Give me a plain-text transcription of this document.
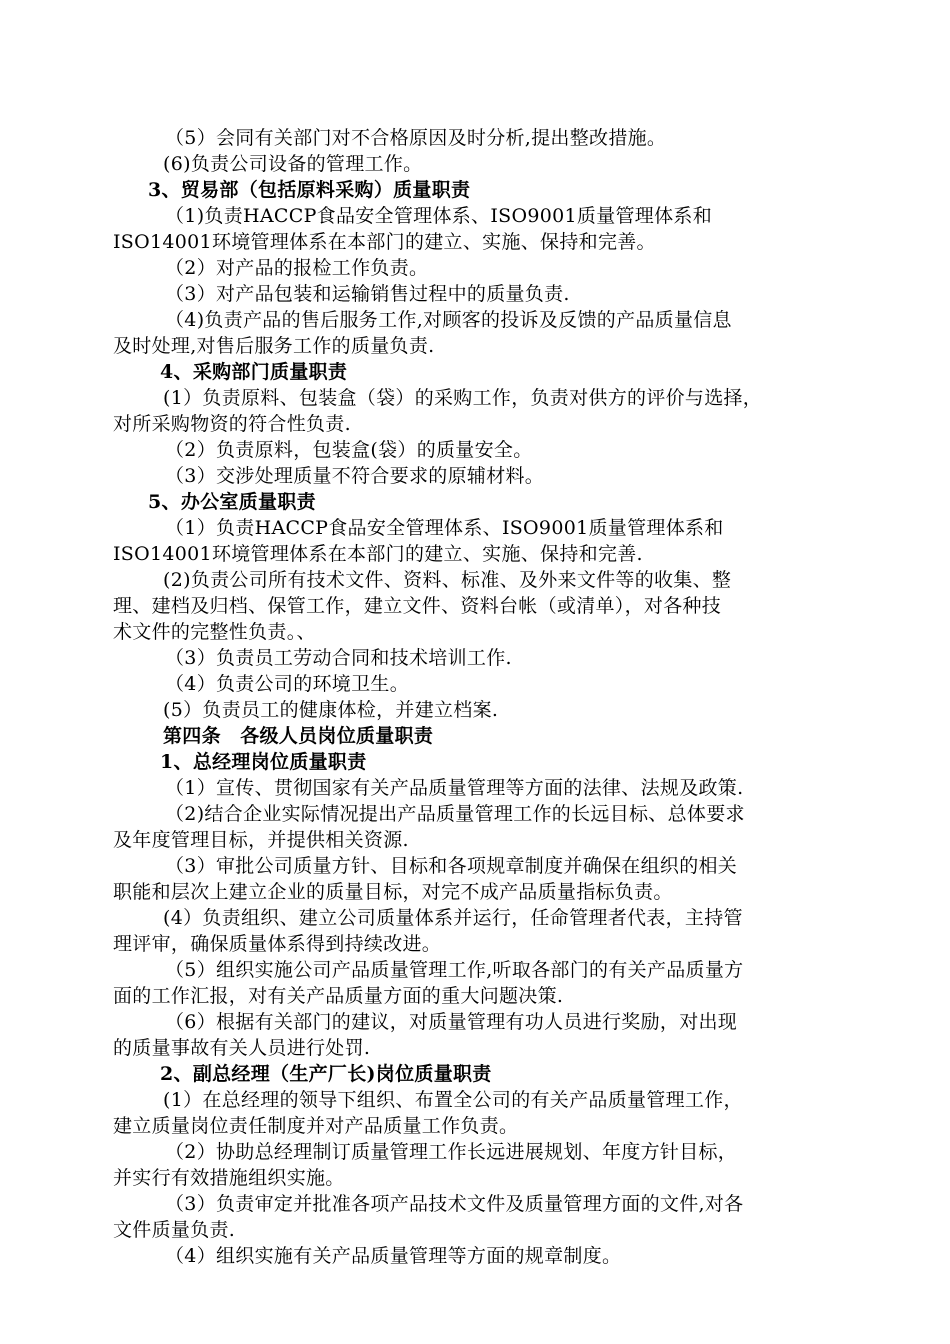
（5）会同有关部门对不合格原因及时分析,提出整改措施。
(6)负责公司设备的管理工作。
3、贸易部（包括原料采购）质量职责
（1)负责HACCP食品安全管理体系、ISO9001质量管理体系和
ISO14001环境管理体系在本部门的建立、实施、保持和完善。
（2）对产品的报检工作负责。
（3）对产品包装和运输销售过程中的质量负责.
（4)负责产品的售后服务工作,对顾客的投诉及反馈的产品质量信息
及时处理,对售后服务工作的质量负责.
4、采购部门质量职责
(1）负责原料、包装盒（袋）的采购工作，负责对供方的评价与选择，
对所采购物资的符合性负责.
（2）负责原料，包装盒(袋）的质量安全。
（3）交涉处理质量不符合要求的原辅材料。
5、办公室质量职责
（1）负责HACCP食品安全管理体系、ISO9001质量管理体系和
ISO14001环境管理体系在本部门的建立、实施、保持和完善.
(2)负责公司所有技术文件、资料、标准、及外来文件等的收集、整
理、建档及归档、保管工作，建立文件、资料台帐（或清单），对各种技
术文件的完整性负责。、
（3）负责员工劳动合同和技术培训工作.
（4）负责公司的环境卫生。
(5）负责员工的健康体检，并建立档案.
第四条　各级人员岗位质量职责
1、总经理岗位质量职责
（1）宣传、贯彻国家有关产品质量管理等方面的法律、法规及政策.
（2)结合企业实际情况提出产品质量管理工作的长远目标、总体要求
及年度管理目标，并提供相关资源.
（3）审批公司质量方针、目标和各项规章制度并确保在组织的相关
职能和层次上建立企业的质量目标，对完不成产品质量指标负责。
(4）负责组织、建立公司质量体系并运行，任命管理者代表，主持管
理评审，确保质量体系得到持续改进。
（5）组织实施公司产品质量管理工作,听取各部门的有关产品质量方
面的工作汇报，对有关产品质量方面的重大问题决策.
（6）根据有关部门的建议，对质量管理有功人员进行奖励，对出现
的质量事故有关人员进行处罚.
2、副总经理（生产厂长)岗位质量职责
(1）在总经理的领导下组织、布置全公司的有关产品质量管理工作，
建立质量岗位责任制度并对产品质量工作负责。
（2）协助总经理制订质量管理工作长远进展规划、年度方针目标，
并实行有效措施组织实施。
（3）负责审定并批准各项产品技术文件及质量管理方面的文件,对各
文件质量负责.
（4）组织实施有关产品质量管理等方面的规章制度。
